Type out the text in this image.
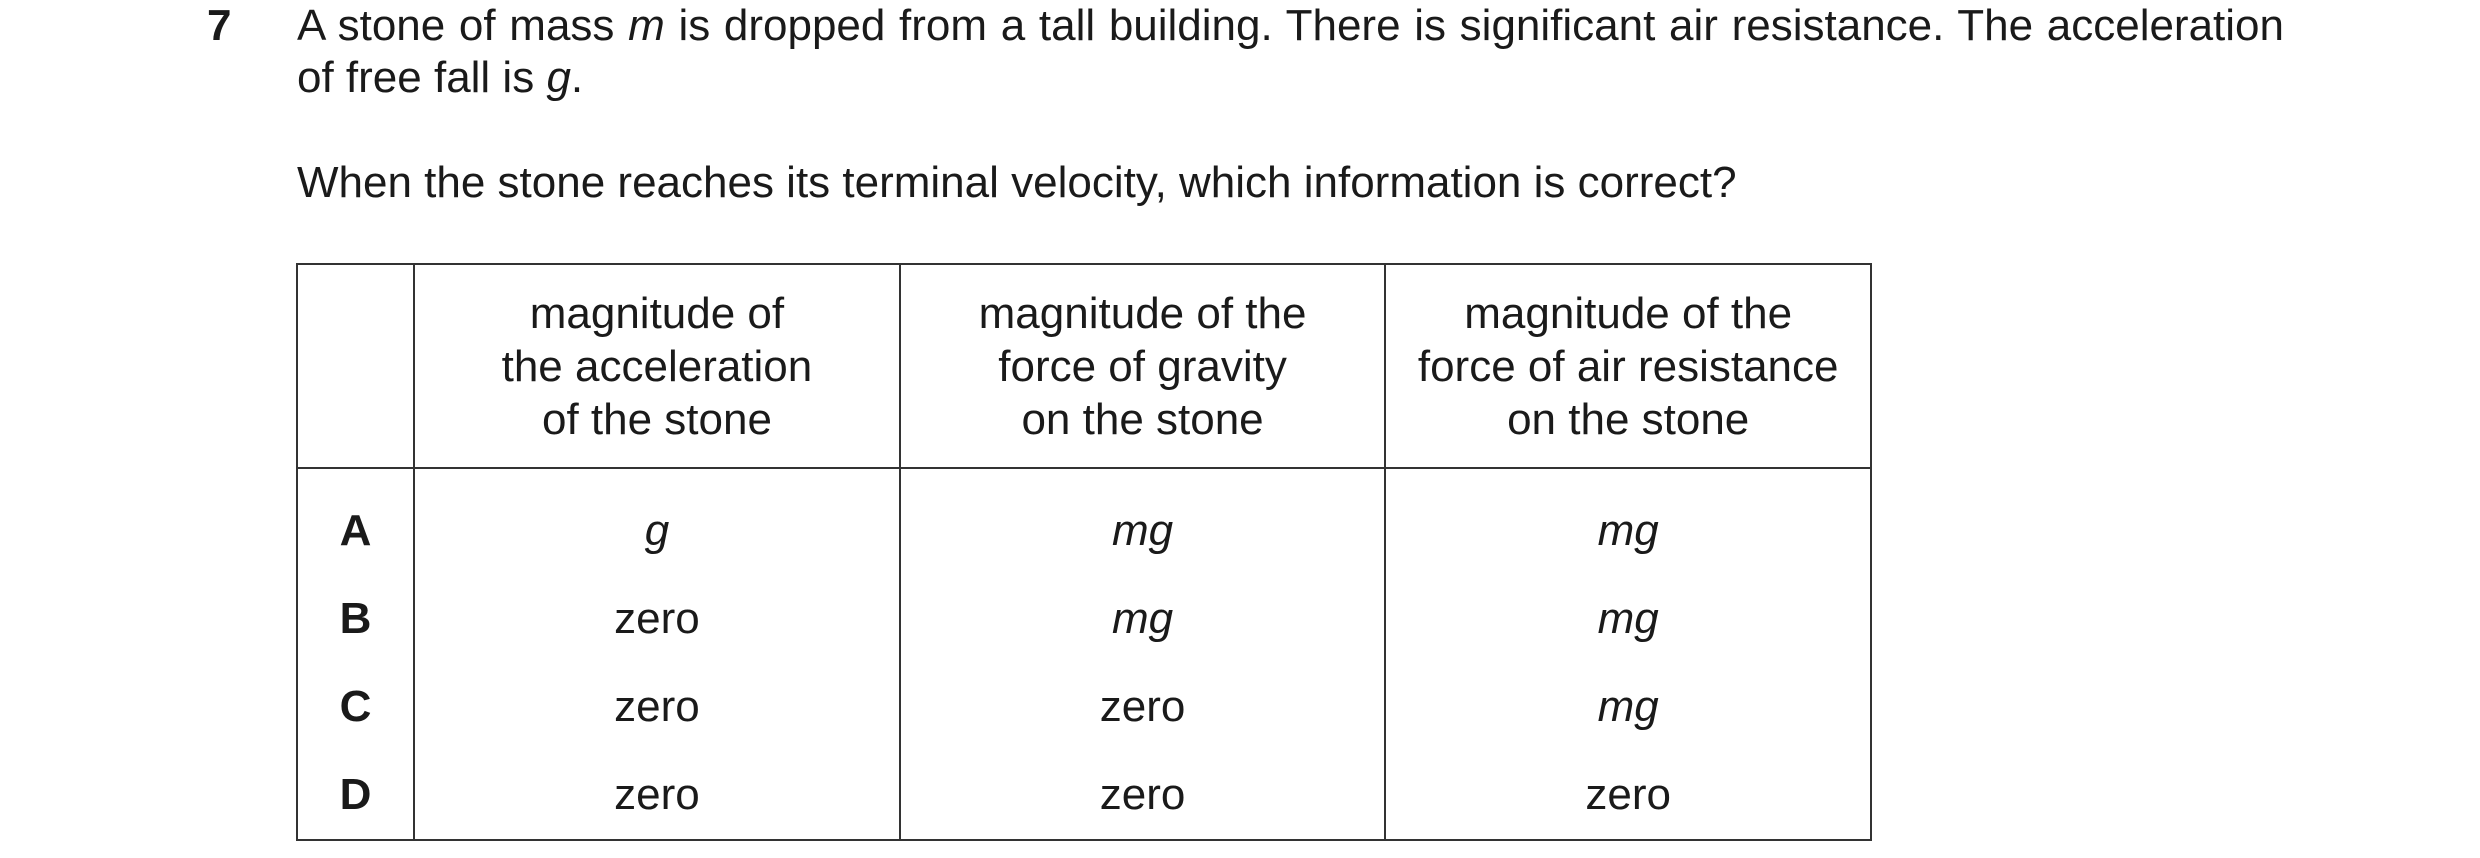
7 A stone of mass m is dropped from a tall building. There is significant air resistance. The acceleration of free fall is g.
When the stone reaches its terminal velocity, which information is correct?

	magnitude of
the acceleration
of the stone	magnitude of the
force of gravity
on the stone	magnitude of the
force of air resistance
on the stone

A	g	mg	mg
B	zero	mg	mg
C	zero	zero	mg
D	zero	zero	zero
